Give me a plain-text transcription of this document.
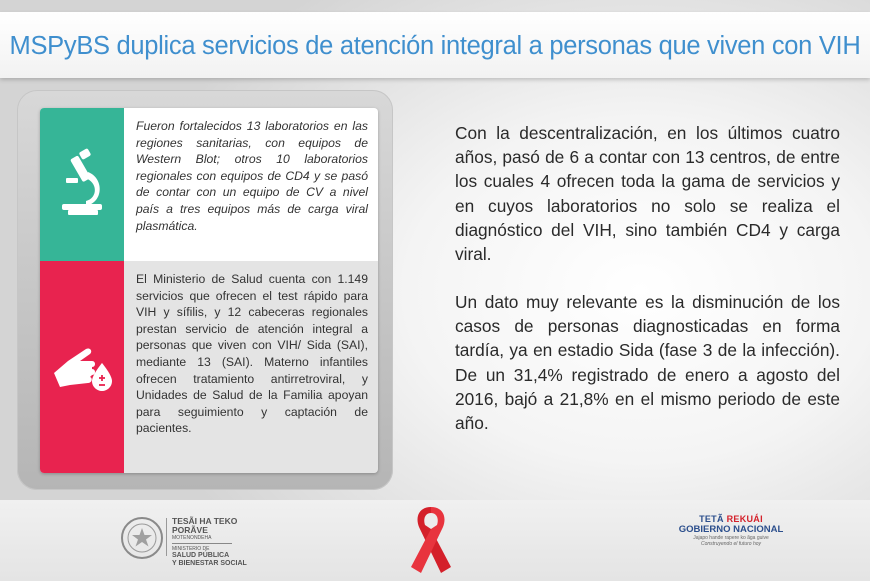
MSPyBS duplica servicios de atención integral a personas que viven con VIH
Fueron fortalecidos 13 laboratorios en las regiones sanitarias, con equipos de Western Blot; otros 10 laboratorios regionales con equipos de CD4 y se pasó de contar con un equipo de CV a nivel país a tres equipos más de carga viral plasmática.
El Ministerio de Salud cuenta con 1.149 servicios que ofrecen el test rápido para VIH y sífilis, y 12 cabeceras regionales prestan servicio de atención integral a personas que viven con VIH/ Sida (SAI), mediante 13 (SAI). Materno infantiles ofrecen tratamiento antirretroviral, y Unidades de Salud de la Familia apoyan para seguimiento y captación de pacientes.
Con la descentralización, en los últimos cuatro años, pasó de 6 a contar con 13 centros, de entre los cuales 4 ofrecen toda la gama de servicios y en cuyos laboratorios no solo se realiza el diagnóstico del VIH, sino también CD4 y carga viral.
Un dato muy relevante es la disminución de los casos de personas diagnosticadas en forma tardía, ya en estadio Sida (fase 3 de la infección). De un 31,4% registrado de enero a agosto del 2016, bajó a 21,8% en el mismo periodo de este año.
TESÃI HA TEKO
PORÃVE
MOTENONDEHA
MINISTERIO DE
SALUD PÚBLICA
Y BIENESTAR SOCIAL
TETÃ REKUÁI
GOBIERNO NACIONAL
Jajapo hande rapere ko ãga guive
Construyendo el futuro hoy
